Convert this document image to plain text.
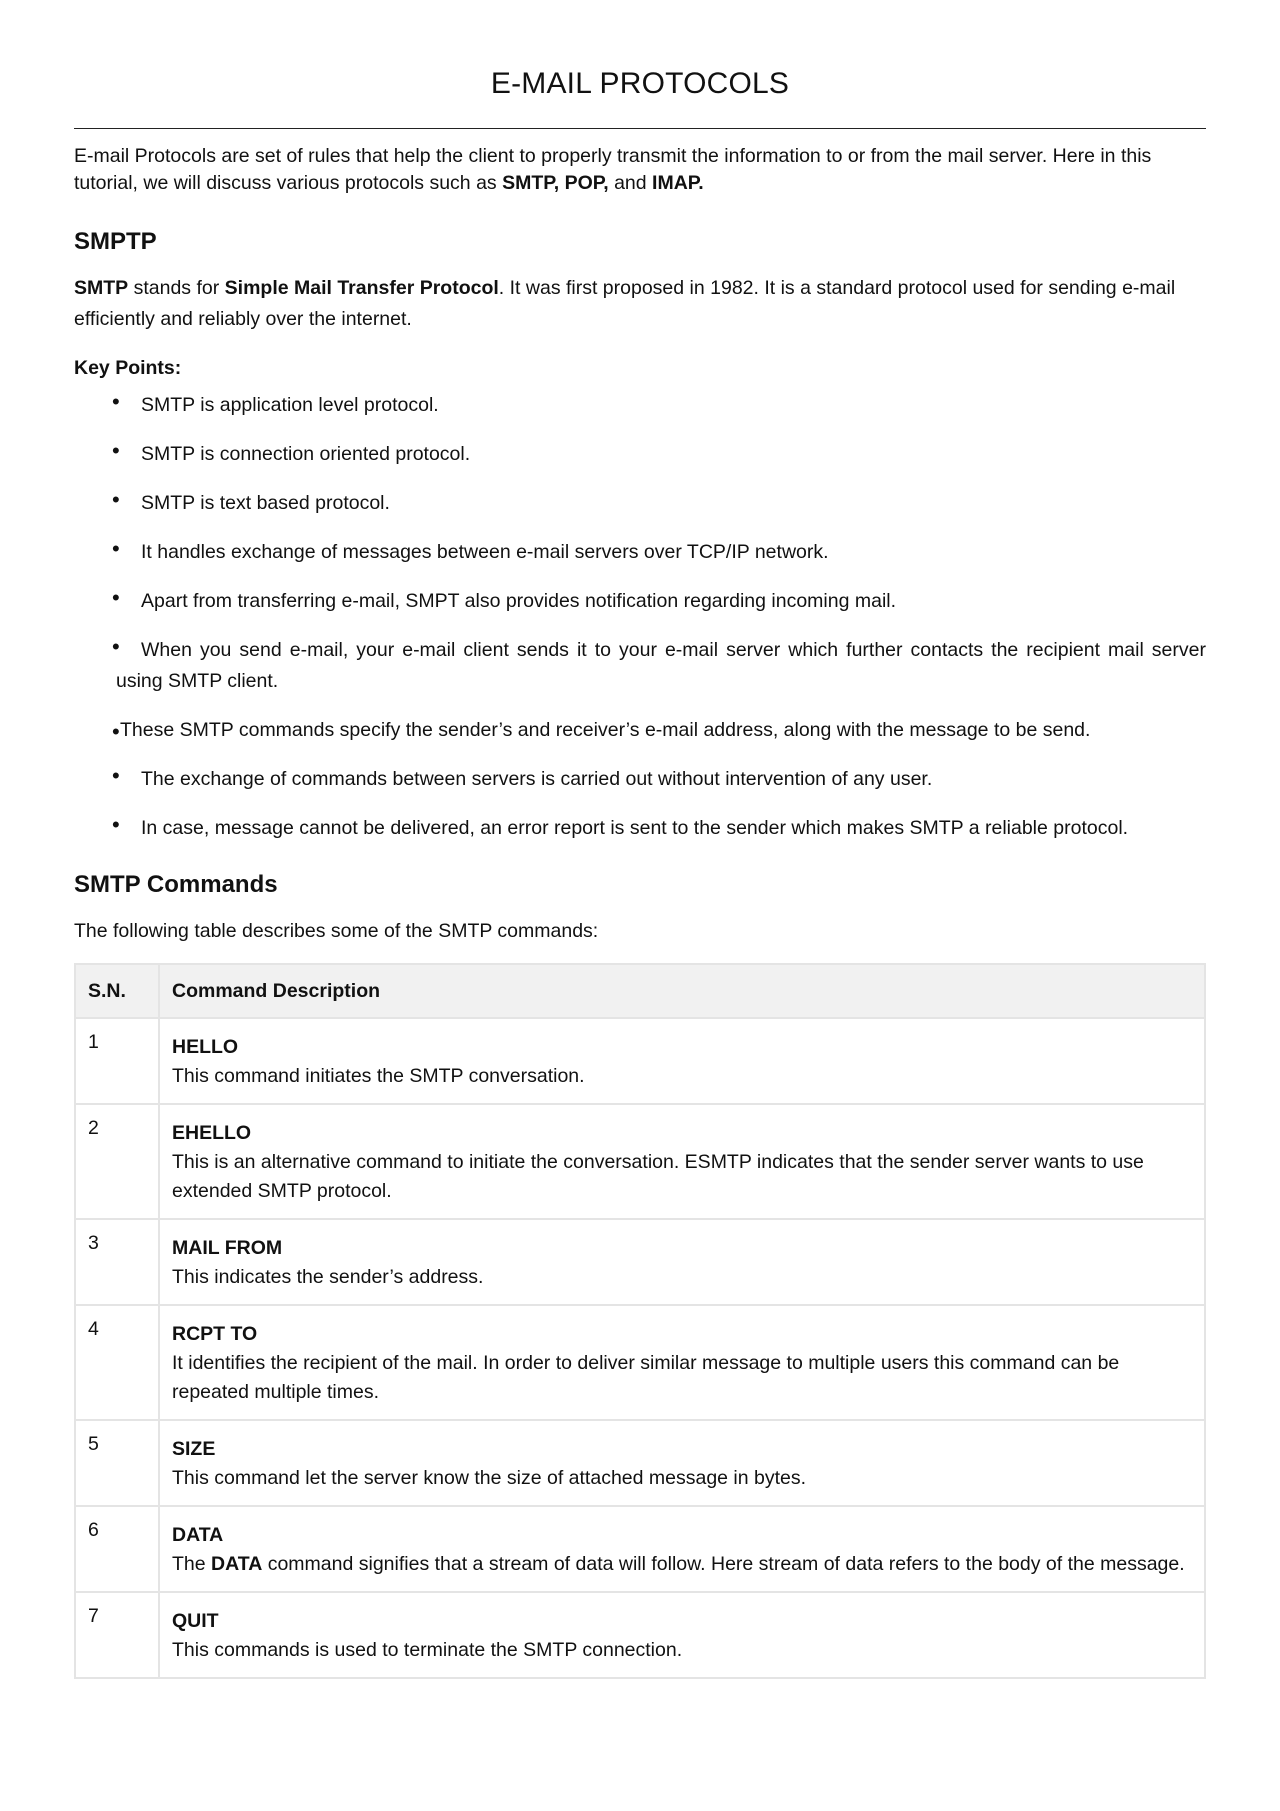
E-MAIL PROTOCOLS

E-mail Protocols are set of rules that help the client to properly transmit the information to or from the mail server. Here in this tutorial, we will discuss various protocols such as SMTP, POP, and IMAP.

SMPTP

SMTP stands for Simple Mail Transfer Protocol. It was first proposed in 1982. It is a standard protocol used for sending e-mail efficiently and reliably over the internet.

Key Points:

• SMTP is application level protocol.
• SMTP is connection oriented protocol.
• SMTP is text based protocol.
• It handles exchange of messages between e-mail servers over TCP/IP network.
• Apart from transferring e-mail, SMPT also provides notification regarding incoming mail.
• When you send e-mail, your e-mail client sends it to your e-mail server which further contacts the recipient mail server using SMTP client.
• These SMTP commands specify the sender’s and receiver’s e-mail address, along with the message to be send.
• The exchange of commands between servers is carried out without intervention of any user.
• In case, message cannot be delivered, an error report is sent to the sender which makes SMTP a reliable protocol.
SMTP Commands

The following table describes some of the SMTP commands:

S.N.	Command Description
1	HELLO
This command initiates the SMTP conversation.

2	EHELLO
This is an alternative command to initiate the conversation. ESMTP indicates that the sender server wants to use extended SMTP protocol.

3	MAIL FROM
This indicates the sender’s address.

4	RCPT TO
It identifies the recipient of the mail. In order to deliver similar message to multiple users this command can be repeated multiple times.

5	SIZE
This command let the server know the size of attached message in bytes.

6	DATA
The DATA command signifies that a stream of data will follow. Here stream of data refers to the body of the message.

7	QUIT
This commands is used to terminate the SMTP connection.
